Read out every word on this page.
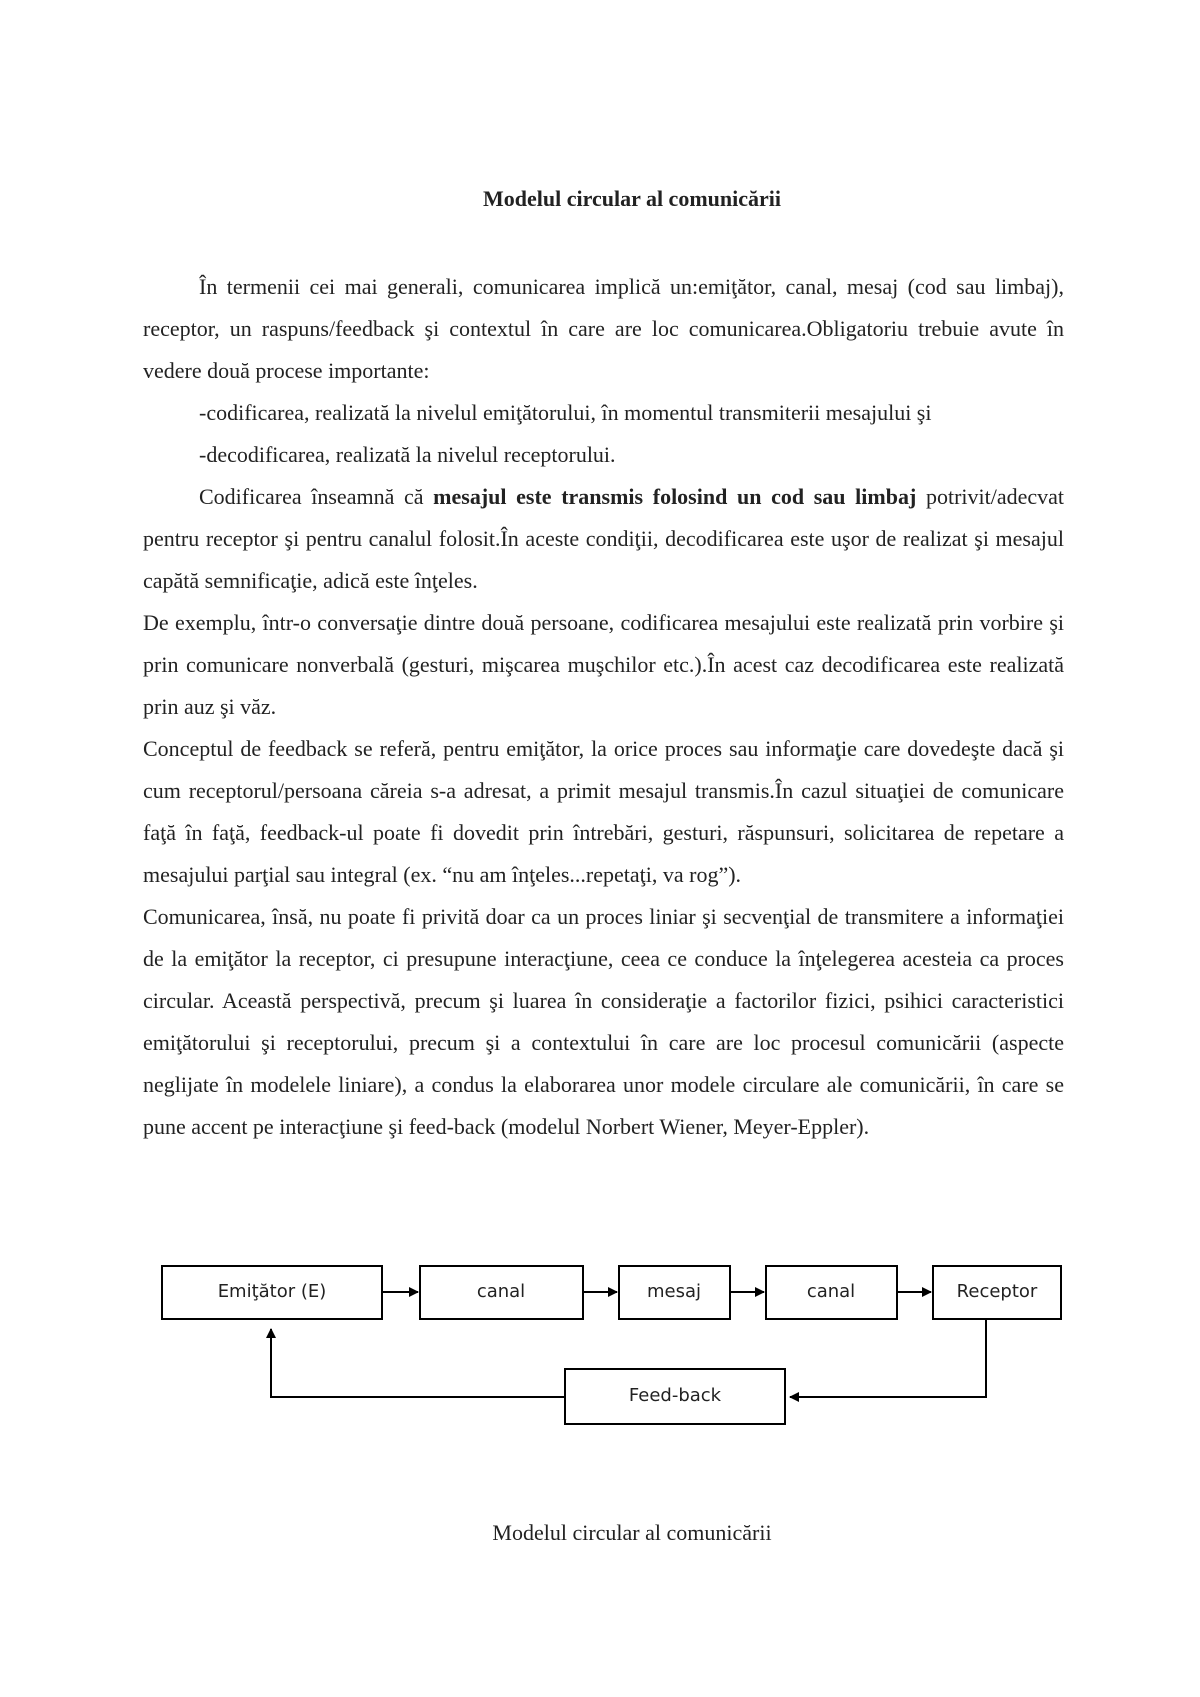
Modelul circular al comunicării

În termenii cei mai generali, comunicarea implică un:emiţător, canal, mesaj (cod sau limbaj), receptor, un raspuns/feedback şi contextul în care are loc comunicarea.Obligatoriu trebuie avute în vedere două procese importante:

-codificarea, realizată la nivelul emiţătorului, în momentul transmiterii mesajului şi

-decodificarea, realizată la nivelul receptorului.

Codificarea înseamnă că mesajul este transmis folosind un cod sau limbaj potrivit/adecvat pentru receptor şi pentru canalul folosit.În aceste condiţii, decodificarea este uşor de realizat şi mesajul capătă semnificaţie, adică este înţeles.

De exemplu, într-o conversaţie dintre două persoane, codificarea mesajului este realizată prin vorbire şi prin comunicare nonverbală (gesturi, mişcarea muşchilor etc.).În acest caz decodificarea este realizată prin auz şi văz.

Conceptul de feedback se referă, pentru emiţător, la orice proces sau informaţie care dovedeşte dacă şi cum receptorul/persoana căreia s-a adresat, a primit mesajul transmis.În cazul situaţiei de comunicare faţă în faţă, feedback-ul poate fi dovedit prin întrebări, gesturi, răspunsuri, solicitarea de repetare a mesajului parţial sau integral (ex. “nu am înţeles...repetaţi, va rog”).

Comunicarea, însă, nu poate fi privită doar ca un proces liniar şi secvenţial de transmitere a informaţiei de la emiţător la receptor, ci presupune interacţiune, ceea ce conduce la înţelegerea acesteia ca proces circular. Această perspectivă, precum şi luarea în consideraţie a factorilor fizici, psihici caracteristici emiţătorului şi receptorului, precum şi a contextului în care are loc procesul comunicării (aspecte neglijate în modelele liniare), a condus la elaborarea unor modele circulare ale comunicării, în care se pune accent pe interacţiune şi feed-back (modelul Norbert Wiener, Meyer-Eppler).

Emiţător (E)	canal	mesaj	canal	Receptor
Feed-back
Modelul circular al comunicării
